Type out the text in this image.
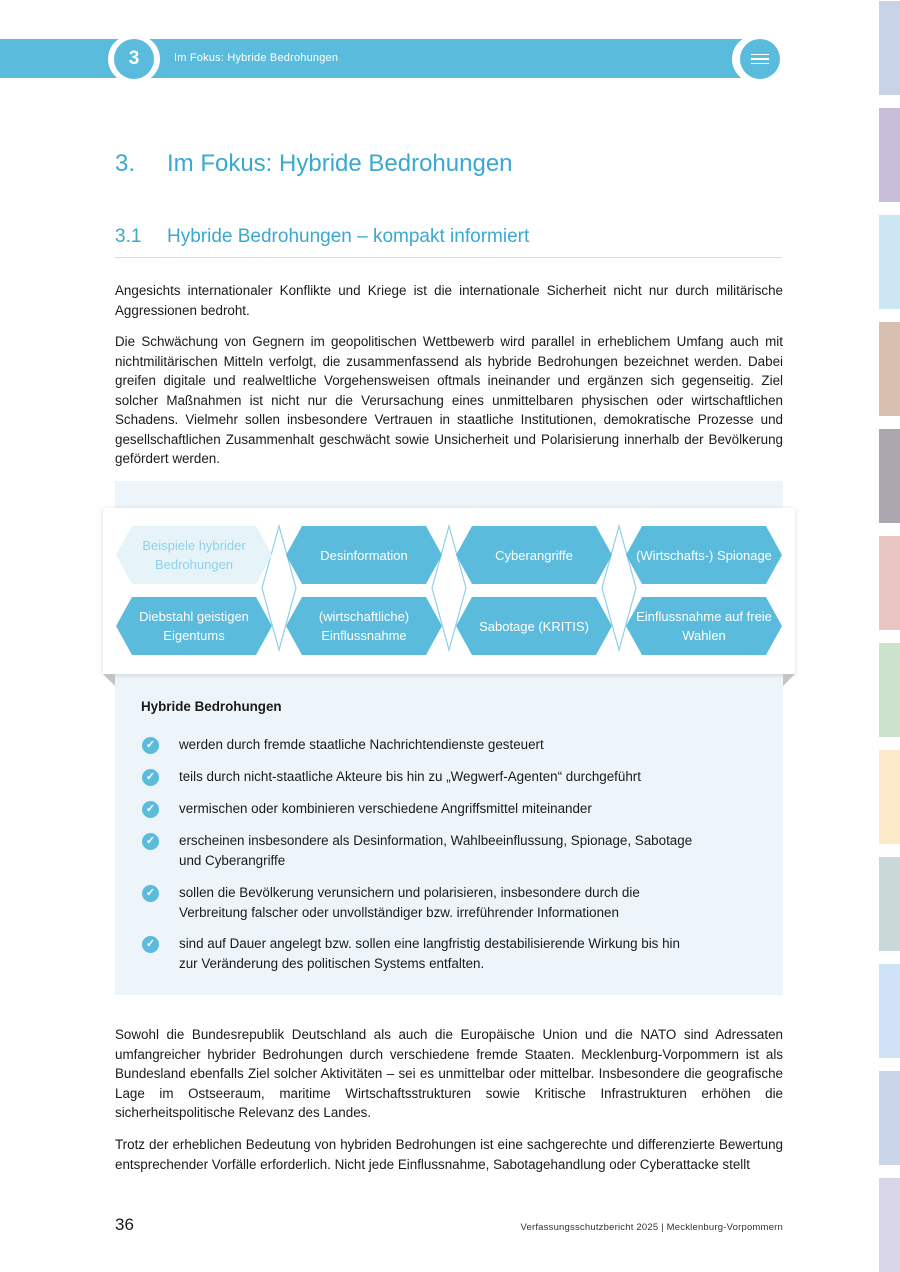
3	Im Fokus: Hybride Bedrohungen
3. Im Fokus: Hybride Bedrohungen
3.1 Hybride Bedrohungen – kompakt informiert
Angesichts internationaler Konflikte und Kriege ist die internationale Sicherheit nicht nur durch militärische Aggressionen bedroht.
Die Schwächung von Gegnern im geopolitischen Wettbewerb wird parallel in erheblichem Umfang auch mit nichtmilitärischen Mitteln verfolgt, die zusammenfassend als hybride Bedrohungen bezeichnet werden. Dabei greifen digitale und realweltliche Vorgehensweisen oftmals ineinander und ergänzen sich gegenseitig. Ziel solcher Maßnahmen ist nicht nur die Verursachung eines unmittelbaren physischen oder wirtschaftlichen Schadens. Vielmehr sollen insbesondere Vertrauen in staatliche Institutionen, demokratische Prozesse und gesellschaftlichen Zusammenhalt geschwächt sowie Unsicherheit und Polarisierung innerhalb der Bevölkerung gefördert werden.
Beispiele hybrider Bedrohungen
Desinformation	Cyberangriffe	(Wirtschafts-) Spionage
Diebstahl geistigen Eigentums
(wirtschaftliche) Einflussnahme
Sabotage (KRITIS)
Einflussnahme auf freie Wahlen
Hybride Bedrohungen
✓ werden durch fremde staatliche Nachrichtendienste gesteuert
✓ teils durch nicht-staatliche Akteure bis hin zu „Wegwerf-Agenten“ durchgeführt
✓ vermischen oder kombinieren verschiedene Angriffsmittel miteinander
✓ erscheinen insbesondere als Desinformation, Wahlbeeinflussung, Spionage, Sabotage und Cyberangriffe
✓ sollen die Bevölkerung verunsichern und polarisieren, insbesondere durch die Verbreitung falscher oder unvollständiger bzw. irreführender Informationen
✓ sind auf Dauer angelegt bzw. sollen eine langfristig destabilisierende Wirkung bis hin zur Veränderung des politischen Systems entfalten.
Sowohl die Bundesrepublik Deutschland als auch die Europäische Union und die NATO sind Adressaten umfangreicher hybrider Bedrohungen durch verschiedene fremde Staaten. Mecklenburg-Vorpommern ist als Bundesland ebenfalls Ziel solcher Aktivitäten – sei es unmittelbar oder mittelbar. Insbesondere die geografische Lage im Ostseeraum, maritime Wirtschaftsstrukturen sowie Kritische Infrastrukturen erhöhen die sicherheitspolitische Relevanz des Landes.
Trotz der erheblichen Bedeutung von hybriden Bedrohungen ist eine sachgerechte und differenzierte Bewertung entsprechender Vorfälle erforderlich. Nicht jede Einflussnahme, Sabotagehandlung oder Cyberattacke stellt
36	Verfassungsschutzbericht 2025 | Mecklenburg-Vorpommern
